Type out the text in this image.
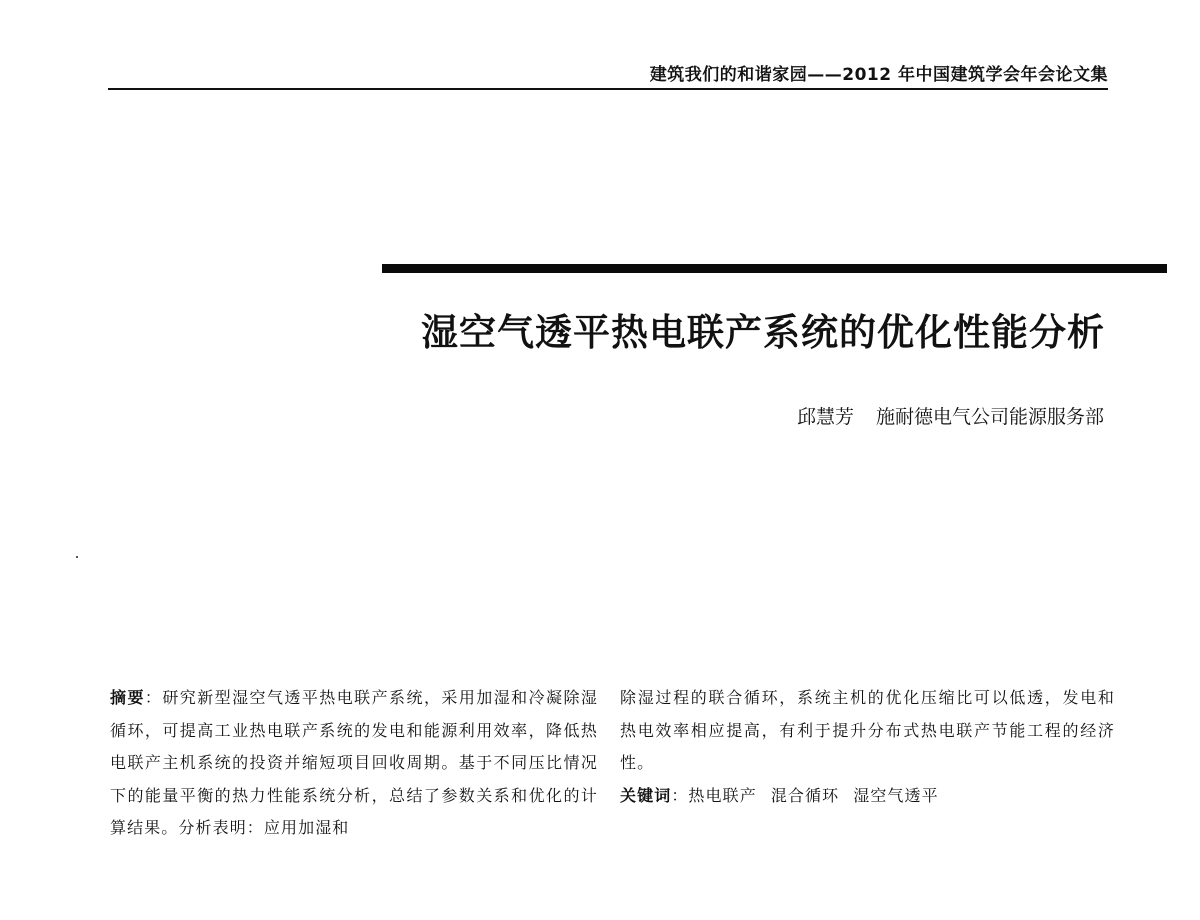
建筑我们的和谐家园——2012 年中国建筑学会年会论文集
湿空气透平热电联产系统的优化性能分析
邱慧芳 施耐德电气公司能源服务部
摘要：研究新型湿空气透平热电联产系统，采用加湿和冷凝除湿循环，可提高工业热电联产系统的发电和能源利用效率，降低热电联产主机系统的投资并缩短项目回收周期。基于不同压比情况下的能量平衡的热力性能系统分析，总结了参数关系和优化的计算结果。分析表明：应用加湿和
除湿过程的联合循环，系统主机的优化压缩比可以低透，发电和热电效率相应提高，有利于提升分布式热电联产节能工程的经济性。
关键词：热电联产 混合循环 湿空气透平
